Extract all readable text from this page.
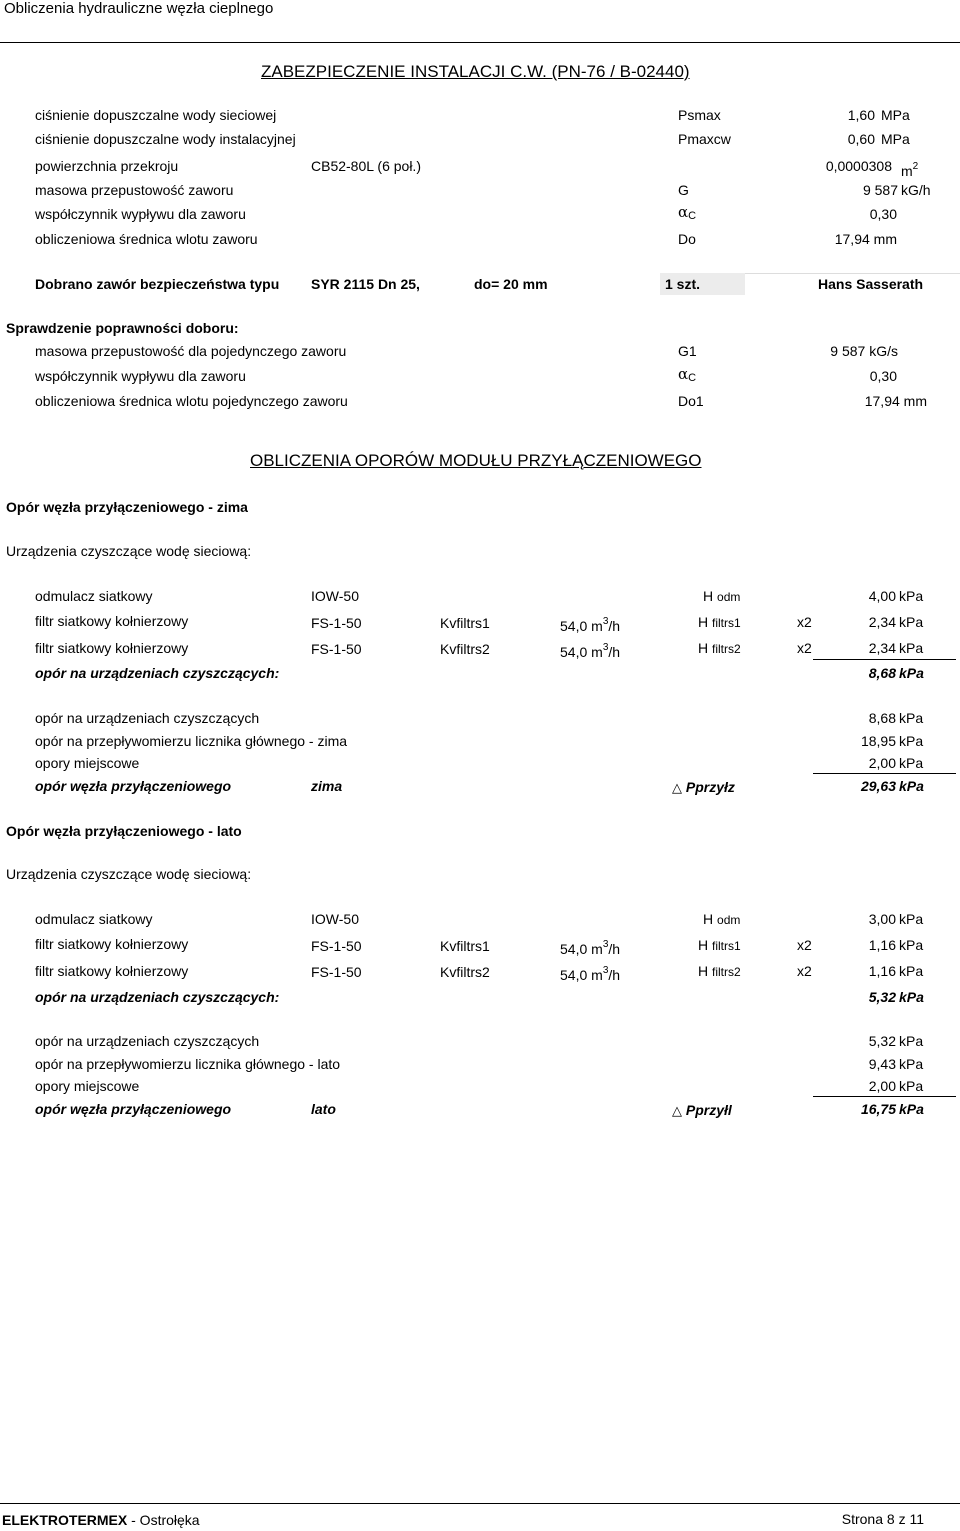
Obliczenia hydrauliczne węzła cieplnego
ZABEZPIECZENIE INSTALACJI C.W. (PN-76 / B-02440)
ciśnienie dopuszczalne wody sieciowej	Psmax	1,60 MPa
ciśnienie dopuszczalne wody instalacyjnej	Pmaxcw	0,60 MPa
powierzchnia przekroju	CB52-80L (6 poł.)	0,0000308 $m^2$
masowa przepustowość zaworu	G	9 587 kG/h
współczynnik wypływu dla zaworu	αC	0,30
obliczeniowa średnica wlotu zaworu	Do	17,94 mm
Dobrano zawór bezpieczeństwa typu SYR 2115 Dn 25,	do= 20 mm	1 szt.	Hans Sasserath
Sprawdzenie poprawności doboru:
masowa przepustowość dla pojedynczego zaworu	G1	9 587 kG/s
współczynnik wypływu dla zaworu	αC	0,30
obliczeniowa średnica wlotu pojedynczego zaworu	Do1	17,94 mm
OBLICZENIA OPORÓW MODUŁU PRZYŁĄCZENIOWEGO
Opór węzła przyłączeniowego - zima
Urządzenia czyszczące wodę sieciową:
odmulacz siatkowy	IOW-50	H odm	4,00 kPa
filtr siatkowy kołnierzowy	FS-1-50	Kvfiltrs1	54,0 $m^3/h$	H filtrs1	x2	2,34 kPa
filtr siatkowy kołnierzowy	FS-1-50	Kvfiltrs2	54,0 $m^3/h$	H filtrs2	x2	2,34 kPa
opór na urządzeniach czyszczących:	8,68 kPa
opór na urządzeniach czyszczących	8,68 kPa
opór na przepływomierzu licznika głównego - zima	18,95 kPa
opory miejscowe	2,00 kPa
opór węzła przyłączeniowego	zima	△ Pprzyłz	29,63 kPa
Opór węzła przyłączeniowego - lato
Urządzenia czyszczące wodę sieciową:
odmulacz siatkowy	IOW-50	H odm	3,00 kPa
filtr siatkowy kołnierzowy	FS-1-50	Kvfiltrs1	54,0 $m^3/h$	H filtrs1	x2	1,16 kPa
filtr siatkowy kołnierzowy	FS-1-50	Kvfiltrs2	54,0 $m^3/h$	H filtrs2	x2	1,16 kPa
opór na urządzeniach czyszczących:	5,32 kPa
opór na urządzeniach czyszczących	5,32 kPa
opór na przepływomierzu licznika głównego - lato	9,43 kPa
opory miejscowe	2,00 kPa
opór węzła przyłączeniowego	lato	△ Pprzyłl	16,75 kPa
ELEKTROTERMEX - Ostrołęka	Strona 8 z 11
